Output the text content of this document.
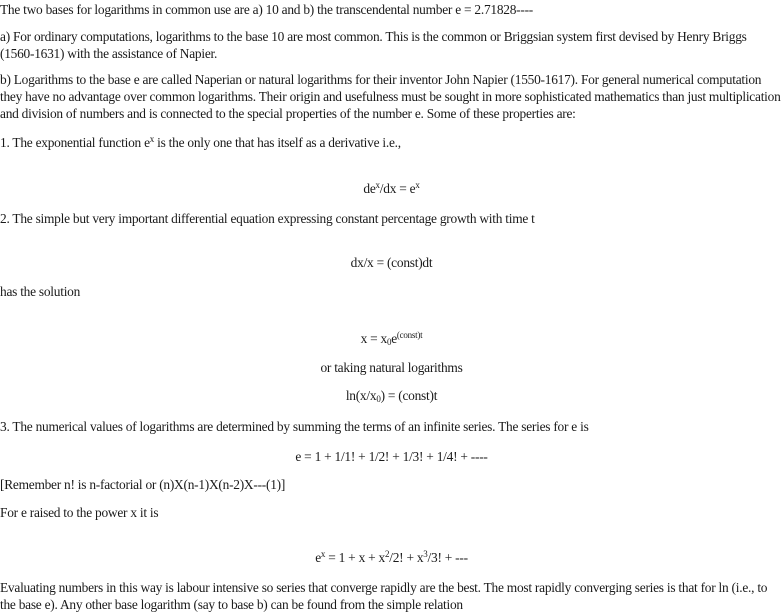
The two bases for logarithms in common use are a) 10 and b) the transcendental number e = 2.71828----
a) For ordinary computations, logarithms to the base 10 are most common. This is the common or Briggsian system first devised by Henry Briggs (1560-1631) with the assistance of Napier.
b) Logarithms to the base e are called Naperian or natural logarithms for their inventor John Napier (1550-1617). For general numerical computation they have no advantage over common logarithms. Their origin and usefulness must be sought in more sophisticated mathematics than just multiplication and division of numbers and is connected to the special properties of the number e. Some of these properties are:
1. The exponential function $e^x$ is the only one that has itself as a derivative i.e.,
$de^x/dx = e^x$
2. The simple but very important differential equation expressing constant percentage growth with time t
dx/x = (const)dt
has the solution
$x = x_0e^{(const)t}$
or taking natural logarithms
$\ln(x/x_0)$ = (const)t
3. The numerical values of logarithms are determined by summing the terms of an infinite series. The series for e is
e = 1 + 1/1! + 1/2! + 1/3! + 1/4! + ----
[Remember n! is n-factorial or (n)X(n-1)X(n-2)X---(1)]
For e raised to the power x it is
$e^x = 1 + x + x^2/2$! + $x^3/3$! + ---
Evaluating numbers in this way is labour intensive so series that converge rapidly are the best. The most rapidly converging series is that for ln (i.e., to the base e). Any other base logarithm (say to base b) can be found from the simple relation
